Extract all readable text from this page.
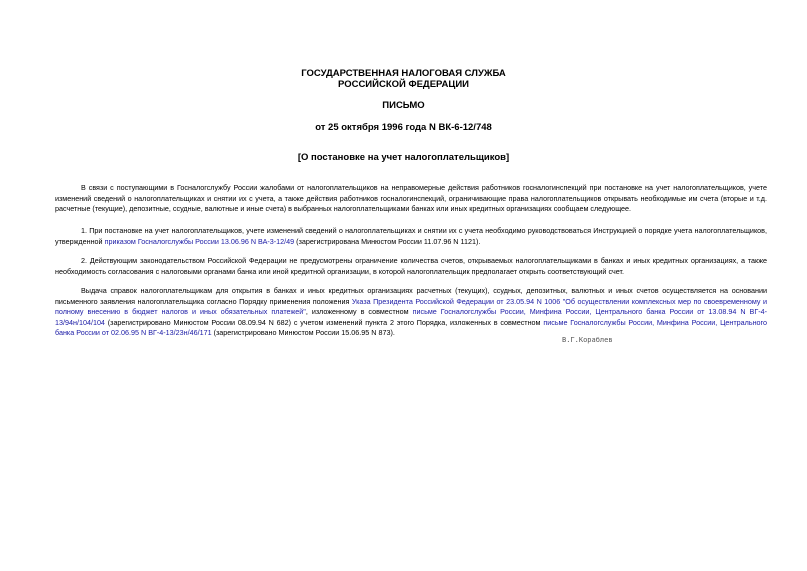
ГОСУДАРСТВЕННАЯ НАЛОГОВАЯ СЛУЖБА
РОССИЙСКОЙ ФЕДЕРАЦИИ
ПИСЬМО
от 25 октября 1996 года N ВК-6-12/748
[О постановке на учет налогоплательщиков]
В связи с поступающими в Госналогслужбу России жалобами от налогоплательщиков на неправомерные действия работников госналогинспекций при постановке на учет налогоплательщиков, учете изменений сведений о налогоплательщиках и снятии их с учета, а также действия работников госналогинспекций, ограничивающие права налогоплательщиков открывать необходимые им счета (вторые и т.д. расчетные (текущие), депозитные, ссудные, валютные и иные счета) в выбранных налогоплательщиками банках или иных кредитных организациях сообщаем следующее.
1. При постановке на учет налогоплательщиков, учете изменений сведений о налогоплательщиках и снятии их с учета необходимо руководствоваться Инструкцией о порядке учета налогоплательщиков, утвержденной приказом Госналогслужбы России 13.06.96 N ВА-3-12/49 (зарегистрирована Минюстом России 11.07.96 N 1121).
2. Действующим законодательством Российской Федерации не предусмотрены ограничение количества счетов, открываемых налогоплательщиками в банках и иных кредитных организациях, а также необходимость согласования с налоговыми органами банка или иной кредитной организации, в которой налогоплательщик предполагает открыть соответствующий счет.
Выдача справок налогоплательщикам для открытия в банках и иных кредитных организациях расчетных (текущих), ссудных, депозитных, валютных и иных счетов осуществляется на основании письменного заявления налогоплательщика согласно Порядку применения положения Указа Президента Российской Федерации от 23.05.94 N 1006 "Об осуществлении комплексных мер по своевременному и полному внесению в бюджет налогов и иных обязательных платежей", изложенному в совместном письме Госналогслужбы России, Минфина России, Центрального банка России от 13.08.94 N ВГ-4-13/94н/104/104 (зарегистрировано Минюстом России 08.09.94 N 682) с учетом изменений пункта 2 этого Порядка, изложенных в совместном письме Госналогслужбы России, Минфина России, Центрального банка России от 02.06.95 N ВГ-4-13/23н/46/171 (зарегистрировано Минюстом России 15.06.95 N 873).
В.Г.Кораблев
